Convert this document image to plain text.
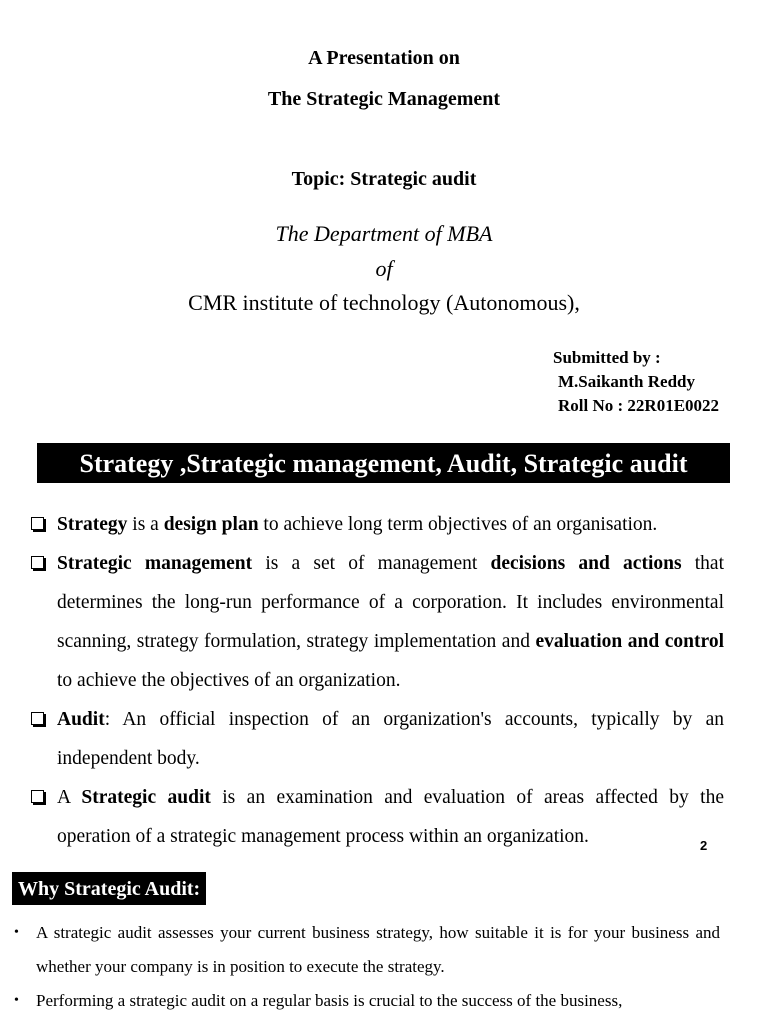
A Presentation on
The Strategic Management
Topic: Strategic audit
The Department of MBA
of
CMR institute of technology (Autonomous),
Submitted by :
M.Saikanth Reddy
Roll No : 22R01E0022
Strategy ,Strategic management, Audit, Strategic audit
Strategy is a design plan to achieve long term objectives of an organisation.
Strategic management is a set of management decisions and actions that determines the long-run performance of a corporation. It includes environmental scanning, strategy formulation, strategy implementation and evaluation and control to achieve the objectives of an organization.
Audit: An official inspection of an organization's accounts, typically by an independent body.
A Strategic audit is an examination and evaluation of areas affected by the operation of a strategic management process within an organization.	2
Why Strategic Audit:
• A strategic audit assesses your current business strategy, how suitable it is for your business and whether your company is in position to execute the strategy.
• Performing a strategic audit on a regular basis is crucial to the success of the business,
